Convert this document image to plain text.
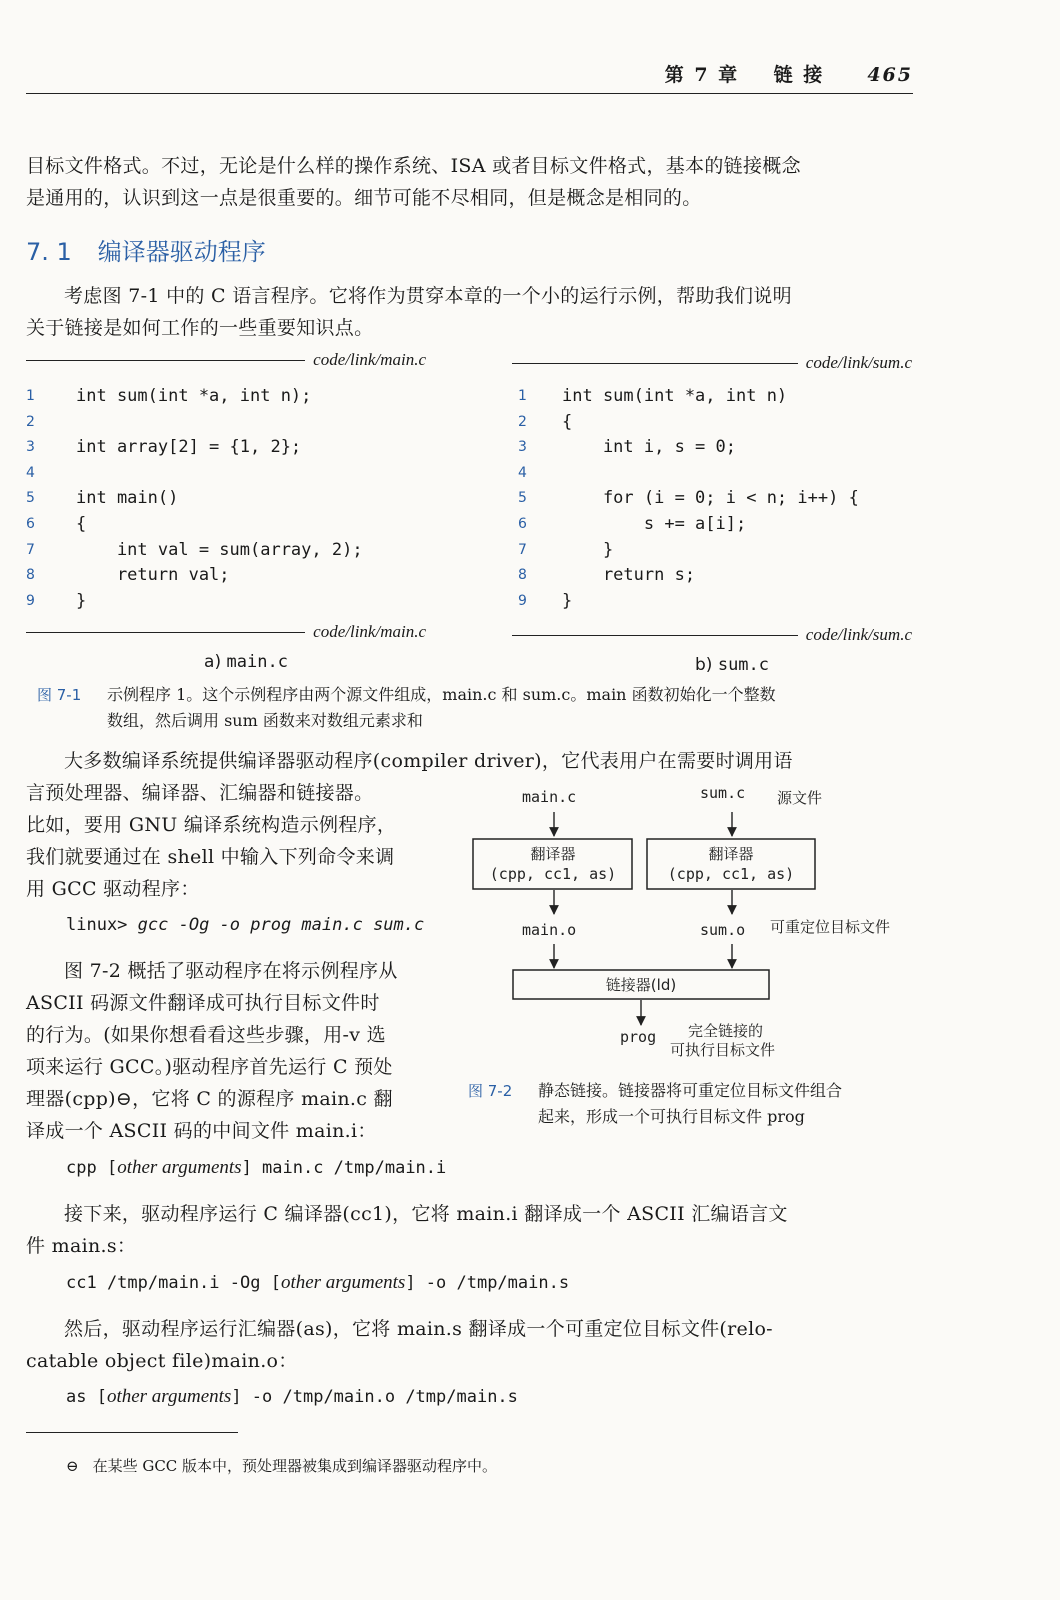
第 7 章 链 接 465
目标文件格式。不过，无论是什么样的操作系统、ISA 或者目标文件格式，基本的链接概念
是通用的，认识到这一点是很重要的。细节可能不尽相同，但是概念是相同的。
7. 1 编译器驱动程序
考虑图 7-1 中的 C 语言程序。它将作为贯穿本章的一个小的运行示例，帮助我们说明
关于链接是如何工作的一些重要知识点。
code/link/main.c
1	int sum(int *a, int n);
2
3	int array[2] = {1, 2};
4
5	int main()
6	{
7	int val = sum(array, 2);
8	return val;
9	}
code/link/main.c
a) main.c
code/link/sum.c
1	int sum(int *a, int n)
2	{
3	int i, s = 0;
4
5	for (i = 0; i < n; i++) {
6	s += a[i];
7	}
8	return s;
9	}
code/link/sum.c
b) sum.c
图 7-1 示例程序 1。这个示例程序由两个源文件组成，main.c 和 sum.c。main 函数初始化一个整数
数组，然后调用 sum 函数来对数组元素求和
大多数编译系统提供编译器驱动程序(compiler driver)，它代表用户在需要时调用语
言预处理器、编译器、汇编器和链接器。
比如，要用 GNU 编译系统构造示例程序，
我们就要通过在 shell 中输入下列命令来调
用 GCC 驱动程序：
linux> gcc -Og -o prog main.c sum.c
图 7-2 概括了驱动程序在将示例程序从
ASCII 码源文件翻译成可执行目标文件时
的行为。(如果你想看看这些步骤，用-v 选
项来运行 GCC。)驱动程序首先运行 C 预处
理器(cpp)⊖，它将 C 的源程序 main.c 翻
译成一个 ASCII 码的中间文件 main.i：
main.c	sum.c 源文件
翻译器
(cpp, cc1, as)
翻译器
(cpp, cc1, as)
main.o	sum.o 可重定位目标文件
链接器(ld)
prog 完全链接的
可执行目标文件
图 7-2 静态链接。链接器将可重定位目标文件组合
起来，形成一个可执行目标文件 prog
cpp [other arguments] main.c /tmp/main.i
接下来，驱动程序运行 C 编译器(cc1)，它将 main.i 翻译成一个 ASCII 汇编语言文
件 main.s：
cc1 /tmp/main.i -Og [other arguments] -o /tmp/main.s
然后，驱动程序运行汇编器(as)，它将 main.s 翻译成一个可重定位目标文件(relo-
catable object file)main.o：
as [other arguments] -o /tmp/main.o /tmp/main.s
⊖ 在某些 GCC 版本中，预处理器被集成到编译器驱动程序中。
